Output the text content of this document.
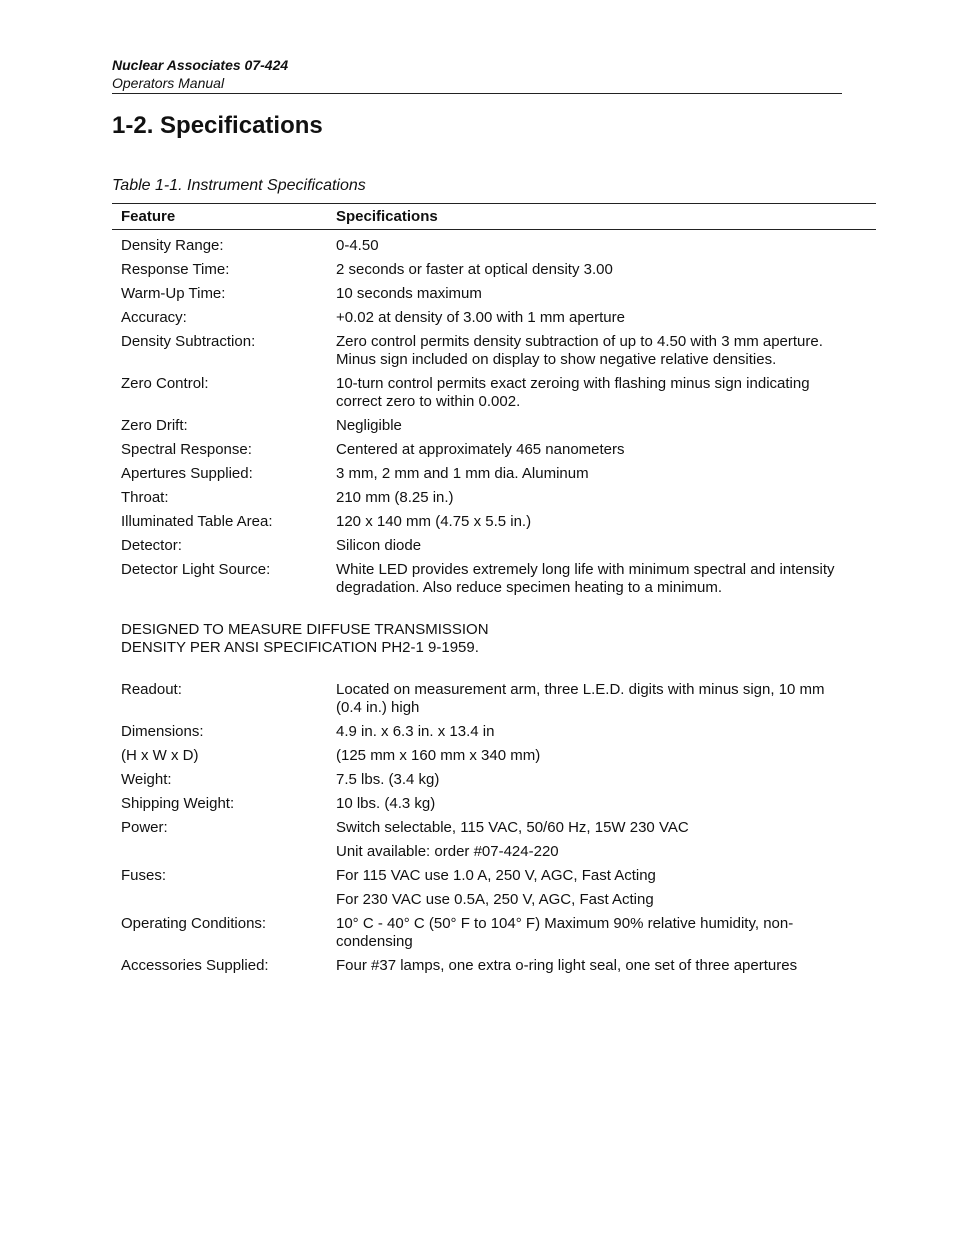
Nuclear Associates 07-424
Operators Manual
1-2. Specifications
Table 1-1. Instrument Specifications
Feature	Specifications
Density Range:	0-4.50
Response Time:	2 seconds or faster at optical density 3.00
Warm-Up Time:	10 seconds maximum
Accuracy:	+0.02 at density of 3.00 with 1 mm aperture
Density Subtraction:	Zero control permits density subtraction of up to 4.50 with 3 mm aperture.
Minus sign included on display to show negative relative densities.
Zero Control:	10-turn control permits exact zeroing with flashing minus sign indicating
correct zero to within 0.002.
Zero Drift:	Negligible
Spectral Response:	Centered at approximately 465 nanometers
Apertures Supplied:	3 mm, 2 mm and 1 mm dia. Aluminum
Throat:	210 mm (8.25 in.)
Illuminated Table Area:	120 x 140 mm (4.75 x 5.5 in.)
Detector:	Silicon diode
Detector Light Source:	White LED provides extremely long life with minimum spectral and intensity
degradation. Also reduce specimen heating to a minimum.
DESIGNED TO MEASURE DIFFUSE TRANSMISSION
DENSITY PER ANSI SPECIFICATION PH2-1 9-1959.
Readout:	Located on measurement arm, three L.E.D. digits with minus sign, 10 mm
(0.4 in.) high
Dimensions:	4.9 in. x 6.3 in. x 13.4 in
(H x W x D)	(125 mm x 160 mm x 340 mm)
Weight:	7.5 lbs. (3.4 kg)
Shipping Weight:	10 lbs. (4.3 kg)
Power:	Switch selectable, 115 VAC, 50/60 Hz, 15W 230 VAC
Unit available: order #07-424-220
Fuses:	For 115 VAC use 1.0 A, 250 V, AGC, Fast Acting
For 230 VAC use 0.5A, 250 V, AGC, Fast Acting
Operating Conditions:	10° C - 40° C (50° F to 104° F) Maximum 90% relative humidity, non-
condensing
Accessories Supplied:	Four #37 lamps, one extra o-ring light seal, one set of three apertures
